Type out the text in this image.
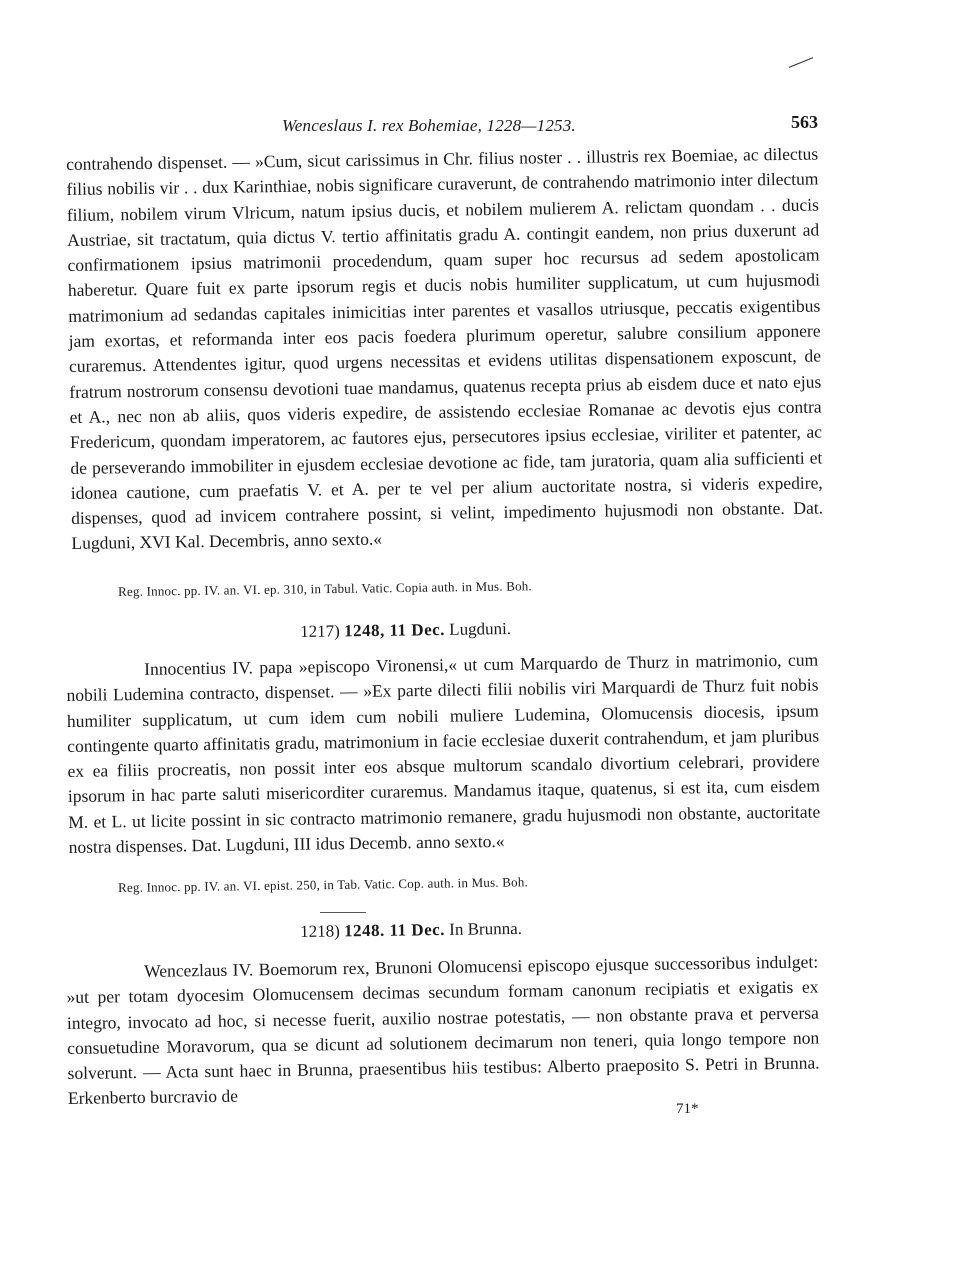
Wenceslaus I. rex Bohemiae, 1228—1253.	563
contrahendo dispenset. — »Cum, sicut carissimus in Chr. filius noster . . illustris rex Boemiae, ac dilectus filius nobilis vir . . dux Karinthiae, nobis significare curaverunt, de contrahendo matrimonio inter dilectum filium, nobilem virum Vlricum, natum ipsius ducis, et nobilem mulierem A. relictam quondam . . ducis Austriae, sit tractatum, quia dictus V. tertio affinitatis gradu A. contingit eandem, non prius duxerunt ad confirmationem ipsius matrimonii procedendum, quam super hoc recursus ad sedem apostolicam haberetur. Quare fuit ex parte ipsorum regis et ducis nobis humiliter supplicatum, ut cum hujusmodi matrimonium ad sedandas capitales inimicitias inter parentes et vasallos utriusque, peccatis exigentibus jam exortas, et reformanda inter eos pacis foedera plurimum operetur, salubre consilium apponere curaremus. Attendentes igitur, quod urgens necessitas et evidens utilitas dispensationem exposcunt, de fratrum nostrorum consensu devotioni tuae mandamus, quatenus recepta prius ab eisdem duce et nato ejus et A., nec non ab aliis, quos videris expedire, de assistendo ecclesiae Romanae ac devotis ejus contra Fredericum, quondam imperatorem, ac fautores ejus, persecutores ipsius ecclesiae, viriliter et patenter, ac de perseverando immobiliter in ejusdem ecclesiae devotione ac fide, tam juratoria, quam alia sufficienti et idonea cautione, cum praefatis V. et A. per te vel per alium auctoritate nostra, si videris expedire, dispenses, quod ad invicem contrahere possint, si velint, impedimento hujusmodi non obstante. Dat. Lugduni, XVI Kal. Decembris, anno sexto.«
Reg. Innoc. pp. IV. an. VI. ep. 310, in Tabul. Vatic. Copia auth. in Mus. Boh.
1217) 1248, 11 Dec. Lugduni.
Innocentius IV. papa »episcopo Vironensi,« ut cum Marquardo de Thurz in matrimonio, cum nobili Ludemina contracto, dispenset. — »Ex parte dilecti filii nobilis viri Marquardi de Thurz fuit nobis humiliter supplicatum, ut cum idem cum nobili muliere Ludemina, Olomucensis diocesis, ipsum contingente quarto affinitatis gradu, matrimonium in facie ecclesiae duxerit contrahendum, et jam pluribus ex ea filiis procreatis, non possit inter eos absque multorum scandalo divortium celebrari, providere ipsorum in hac parte saluti misericorditer curaremus. Mandamus itaque, quatenus, si est ita, cum eisdem M. et L. ut licite possint in sic contracto matrimonio remanere, gradu hujusmodi non obstante, auctoritate nostra dispenses. Dat. Lugduni, III idus Decemb. anno sexto.«
Reg. Innoc. pp. IV. an. VI. epist. 250, in Tab. Vatic. Cop. auth. in Mus. Boh.
1218) 1248. 11 Dec. In Brunna.
Wencezlaus IV. Boemorum rex, Brunoni Olomucensi episcopo ejusque successoribus indulget: »ut per totam dyocesim Olomucensem decimas secundum formam canonum recipiatis et exigatis ex integro, invocato ad hoc, si necesse fuerit, auxilio nostrae potestatis, — non obstante prava et perversa consuetudine Moravorum, qua se dicunt ad solutionem decimarum non teneri, quia longo tempore non solverunt. — Acta sunt haec in Brunna, praesentibus hiis testibus: Alberto praeposito S. Petri in Brunna. Erkenberto burcravio de
71*
